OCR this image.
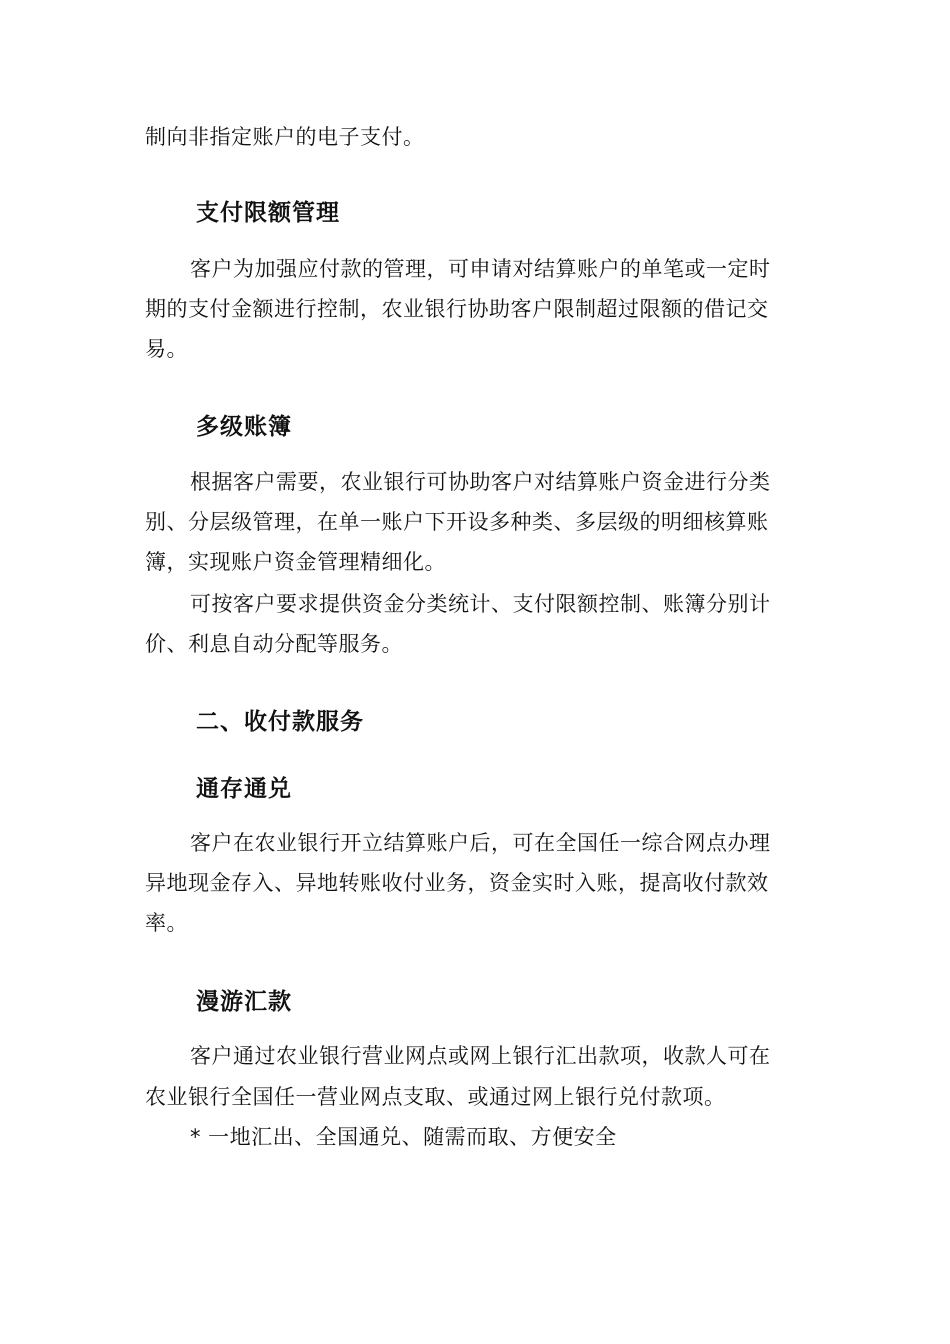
制向非指定账户的电子支付。
支付限额管理
客户为加强应付款的管理，可申请对结算账户的单笔或一定时
期的支付金额进行控制，农业银行协助客户限制超过限额的借记交
易。
多级账簿
根据客户需要，农业银行可协助客户对结算账户资金进行分类
别、分层级管理，在单一账户下开设多种类、多层级的明细核算账
簿，实现账户资金管理精细化。
可按客户要求提供资金分类统计、支付限额控制、账簿分别计
价、利息自动分配等服务。
二、收付款服务
通存通兑
客户在农业银行开立结算账户后，可在全国任一综合网点办理
异地现金存入、异地转账收付业务，资金实时入账，提高收付款效
率。
漫游汇款
客户通过农业银行营业网点或网上银行汇出款项，收款人可在
农业银行全国任一营业网点支取、或通过网上银行兑付款项。
* 一地汇出、全国通兑、随需而取、方便安全
